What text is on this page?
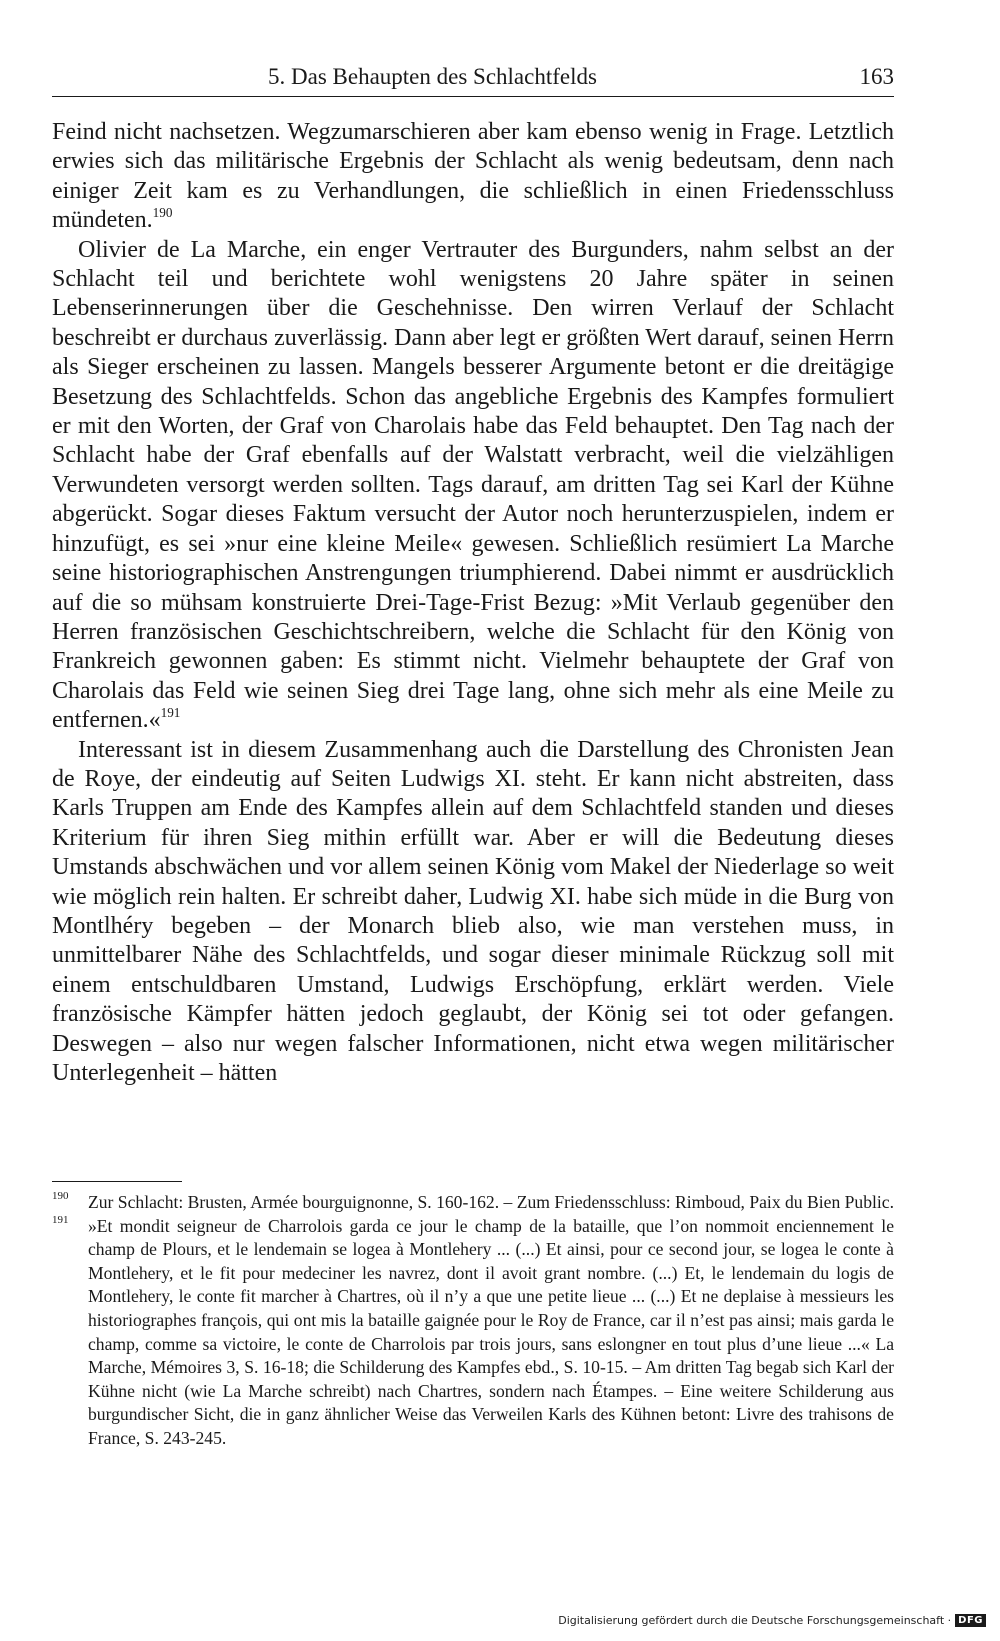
5. Das Behaupten des Schlachtfelds	163

Feind nicht nachsetzen. Wegzumarschieren aber kam ebenso wenig in Frage. Letztlich erwies sich das militärische Ergebnis der Schlacht als wenig bedeutsam, denn nach einiger Zeit kam es zu Verhandlungen, die schließlich in einen Friedensschluss mündeten.$^{190}$

Olivier de La Marche, ein enger Vertrauter des Burgunders, nahm selbst an der Schlacht teil und berichtete wohl wenigstens 20 Jahre später in seinen Lebenserinnerungen über die Geschehnisse. Den wirren Verlauf der Schlacht beschreibt er durchaus zuverlässig. Dann aber legt er größten Wert darauf, seinen Herrn als Sieger erscheinen zu lassen. Mangels besserer Argumente betont er die dreitägige Besetzung des Schlachtfelds. Schon das angebliche Ergebnis des Kampfes formuliert er mit den Worten, der Graf von Charolais habe das Feld behauptet. Den Tag nach der Schlacht habe der Graf ebenfalls auf der Walstatt verbracht, weil die vielzähligen Verwundeten versorgt werden sollten. Tags darauf, am dritten Tag sei Karl der Kühne abgerückt. Sogar dieses Faktum versucht der Autor noch herunterzuspielen, indem er hinzufügt, es sei »nur eine kleine Meile« gewesen. Schließlich resümiert La Marche seine historiographischen Anstrengungen triumphierend. Dabei nimmt er ausdrücklich auf die so mühsam konstruierte Drei-Tage-Frist Bezug: »Mit Verlaub gegenüber den Herren französischen Geschichtschreibern, welche die Schlacht für den König von Frankreich gewonnen gaben: Es stimmt nicht. Vielmehr behauptete der Graf von Charolais das Feld wie seinen Sieg drei Tage lang, ohne sich mehr als eine Meile zu entfernen.«$^{191}$

Interessant ist in diesem Zusammenhang auch die Darstellung des Chronisten Jean de Roye, der eindeutig auf Seiten Ludwigs XI. steht. Er kann nicht abstreiten, dass Karls Truppen am Ende des Kampfes allein auf dem Schlachtfeld standen und dieses Kriterium für ihren Sieg mithin erfüllt war. Aber er will die Bedeutung dieses Umstands abschwächen und vor allem seinen König vom Makel der Niederlage so weit wie möglich rein halten. Er schreibt daher, Ludwig XI. habe sich müde in die Burg von Montlhéry begeben – der Monarch blieb also, wie man verstehen muss, in unmittelbarer Nähe des Schlachtfelds, und sogar dieser minimale Rückzug soll mit einem entschuldbaren Umstand, Ludwigs Erschöpfung, erklärt werden. Viele französische Kämpfer hätten jedoch geglaubt, der König sei tot oder gefangen. Deswegen – also nur wegen falscher Informationen, nicht etwa wegen militärischer Unterlegenheit – hätten

190	Zur Schlacht: Brusten, Armée bourguignonne, S. 160-162. – Zum Friedensschluss: Rimboud, Paix du Bien Public.
191	»Et mondit seigneur de Charrolois garda ce jour le champ de la bataille, que l’on nommoit enciennement le champ de Plours, et le lendemain se logea à Montlehery ... (...) Et ainsi, pour ce second jour, se logea le conte à Montlehery, et le fit pour medeciner les navrez, dont il avoit grant nombre. (...) Et, le lendemain du logis de Montlehery, le conte fit marcher à Chartres, où il n’y a que une petite lieue ... (...) Et ne deplaise à messieurs les historiographes françois, qui ont mis la bataille gaignée pour le Roy de France, car il n’est pas ainsi; mais garda le champ, comme sa victoire, le conte de Charrolois par trois jours, sans eslongner en tout plus d’une lieue ...« La Marche, Mémoires 3, S. 16-18; die Schilderung des Kampfes ebd., S. 10-15. – Am dritten Tag begab sich Karl der Kühne nicht (wie La Marche schreibt) nach Chartres, sondern nach Étampes. – Eine weitere Schilderung aus burgundischer Sicht, die in ganz ähnlicher Weise das Verweilen Karls des Kühnen betont: Livre des trahisons de France, S. 243-245.
Digitalisierung gefördert durch die Deutsche Forschungsgemeinschaft · DFG
